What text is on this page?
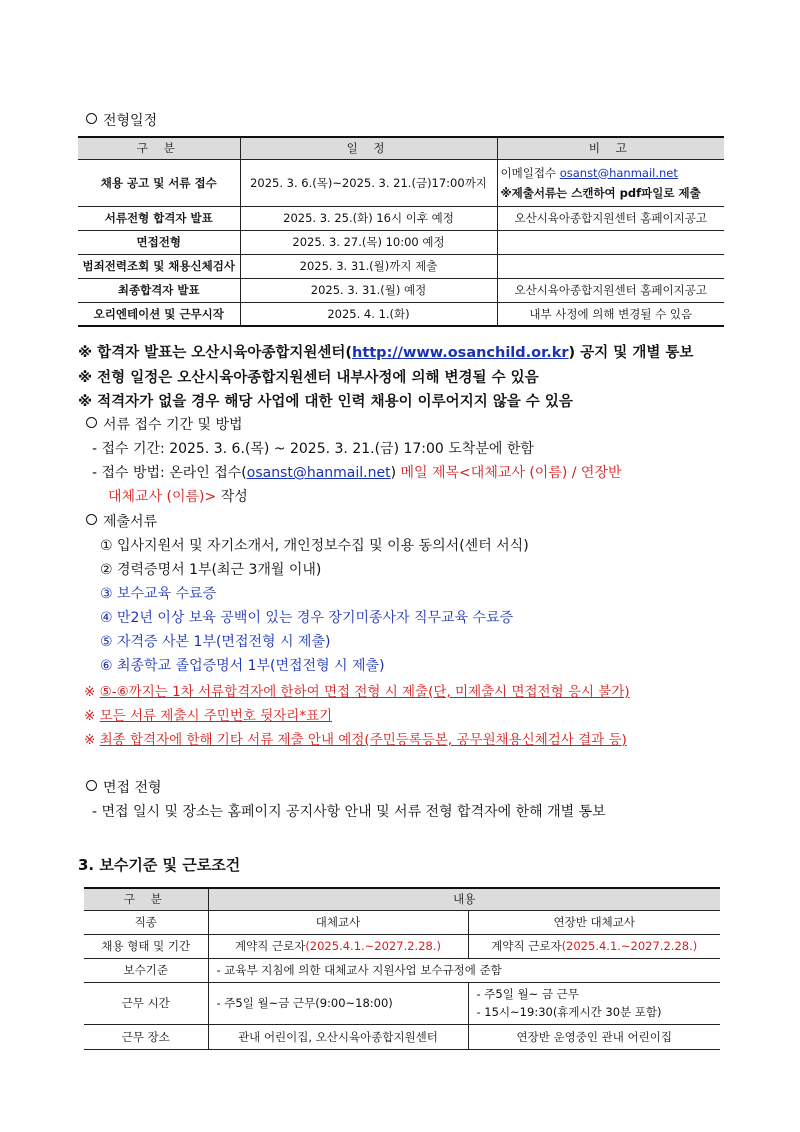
전형일정
구 분	일 정	비 고
채용 공고 및 서류 접수	2025. 3. 6.(목)~2025. 3. 21.(금)17:00까지	이메일접수 osanst@hanmail.net
※제출서류는 스캔하여 pdf파일로 제출

서류전형 합격자 발표	2025. 3. 25.(화) 16시 이후 예정	오산시육아종합지원센터 홈페이지공고
면접전형	2025. 3. 27.(목) 10:00 예정	
범죄전력조회 및 채용신체검사	2025. 3. 31.(월)까지 제출	
최종합격자 발표	2025. 3. 31.(월) 예정	오산시육아종합지원센터 홈페이지공고
오리엔테이션 및 근무시작	2025. 4. 1.(화)	내부 사정에 의해 변경될 수 있음
※ 합격자 발표는 오산시육아종합지원센터(http://www.osanchild.or.kr) 공지 및 개별 통보
※ 전형 일정은 오산시육아종합지원센터 내부사정에 의해 변경될 수 있음
※ 적격자가 없을 경우 해당 사업에 대한 인력 채용이 이루어지지 않을 수 있음
서류 접수 기간 및 방법
- 접수 기간: 2025. 3. 6.(목) ~ 2025. 3. 21.(금) 17:00 도착분에 한함
- 접수 방법: 온라인 접수(osanst@hanmail.net) 메일 제목<대체교사 (이름) / 연장반
대체교사 (이름)> 작성
제출서류
① 입사지원서 및 자기소개서, 개인정보수집 및 이용 동의서(센터 서식)
② 경력증명서 1부(최근 3개월 이내)
③ 보수교육 수료증
④ 만2년 이상 보육 공백이 있는 경우 장기미종사자 직무교육 수료증
⑤ 자격증 사본 1부(면접전형 시 제출)
⑥ 최종학교 졸업증명서 1부(면접전형 시 제출)
※ ⑤-⑥까지는 1차 서류합격자에 한하여 면접 전형 시 제출(단, 미제출시 면접전형 응시 불가)
※ 모든 서류 제출시 주민번호 뒷자리*표기
※ 최종 합격자에 한해 기타 서류 제출 안내 예정(주민등록등본, 공무원채용신체검사 결과 등)
면접 전형
- 면접 일시 및 장소는 홈페이지 공지사항 안내 및 서류 전형 합격자에 한해 개별 통보
3. 보수기준 및 근로조건
구 분	내용	
직종	대체교사	연장반 대체교사
채용 형태 및 기간	계약직 근로자(2025.4.1.~2027.2.28.)	계약직 근로자(2025.4.1.~2027.2.28.)
보수기준	- 교육부 지침에 의한 대체교사 지원사업 보수규정에 준함	
근무 시간	- 주5일 월~금 근무(9:00~18:00)	- 주5일 월~ 금 근무
- 15시~19:30(휴게시간 30분 포함)

근무 장소	관내 어린이집, 오산시육아종합지원센터	연장반 운영중인 관내 어린이집
